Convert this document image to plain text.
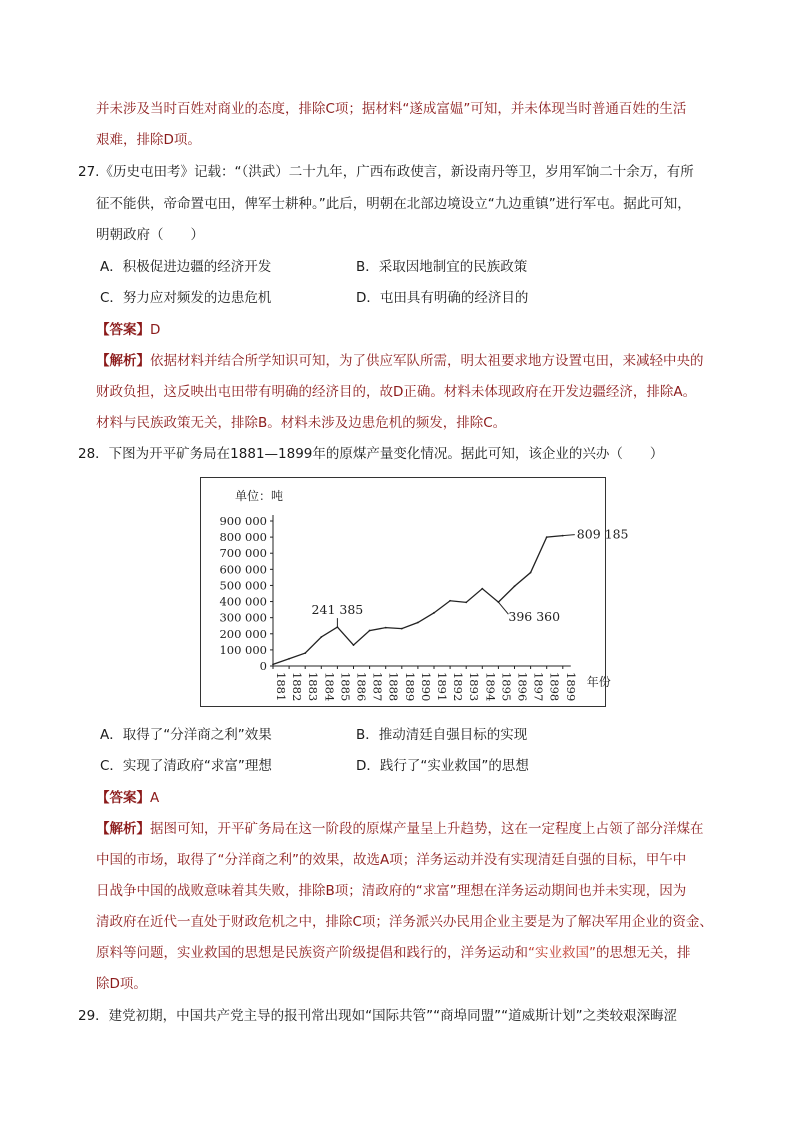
并未涉及当时百姓对商业的态度，排除C项；据材料“遂成富媪”可知，并未体现当时普通百姓的生活
艰难，排除D项。
27.《历史屯田考》记载：“（洪武）二十九年，广西布政使言，新设南丹等卫，岁用军饷二十余万，有所
征不能供，帝命置屯田，俾军士耕种。”此后，明朝在北部边境设立“九边重镇”进行军屯。据此可知，
明朝政府（　　）
A．积极促进边疆的经济开发	B．采取因地制宜的民族政策
C．努力应对频发的边患危机	D．屯田具有明确的经济目的
【答案】D
【解析】依据材料并结合所学知识可知，为了供应军队所需，明太祖要求地方设置屯田，来减轻中央的
财政负担，这反映出屯田带有明确的经济目的，故D正确。材料未体现政府在开发边疆经济，排除A。
材料与民族政策无关，排除B。材料未涉及边患危机的频发，排除C。
28．下图为开平矿务局在1881—1899年的原煤产量变化情况。据此可知，该企业的兴办（　　）
单位：吨
0
100 000
200 000
300 000
400 000
500 000
600 000
700 000
800 000
900 000
1881 1882 1883 1884 1885 1886 1887 1888 1889 1890 1891 1892 1893 1894 1895 1896 1897 1898 1899 年份
241 385	396 360
809 185
A．取得了“分洋商之利”效果	B．推动清廷自强目标的实现
C．实现了清政府“求富”理想	D．践行了“实业救国”的思想
【答案】A
【解析】据图可知，开平矿务局在这一阶段的原煤产量呈上升趋势，这在一定程度上占领了部分洋煤在
中国的市场，取得了“分洋商之利”的效果，故选A项；洋务运动并没有实现清廷自强的目标，甲午中
日战争中国的战败意味着其失败，排除B项；清政府的“求富”理想在洋务运动期间也并未实现，因为
清政府在近代一直处于财政危机之中，排除C项；洋务派兴办民用企业主要是为了解决军用企业的资金、
原料等问题，实业救国的思想是民族资产阶级提倡和践行的，洋务运动和“实业救国”的思想无关，排
除D项。
29．建党初期，中国共产党主导的报刊常出现如“国际共管”“商埠同盟”“道威斯计划”之类较艰深晦涩
